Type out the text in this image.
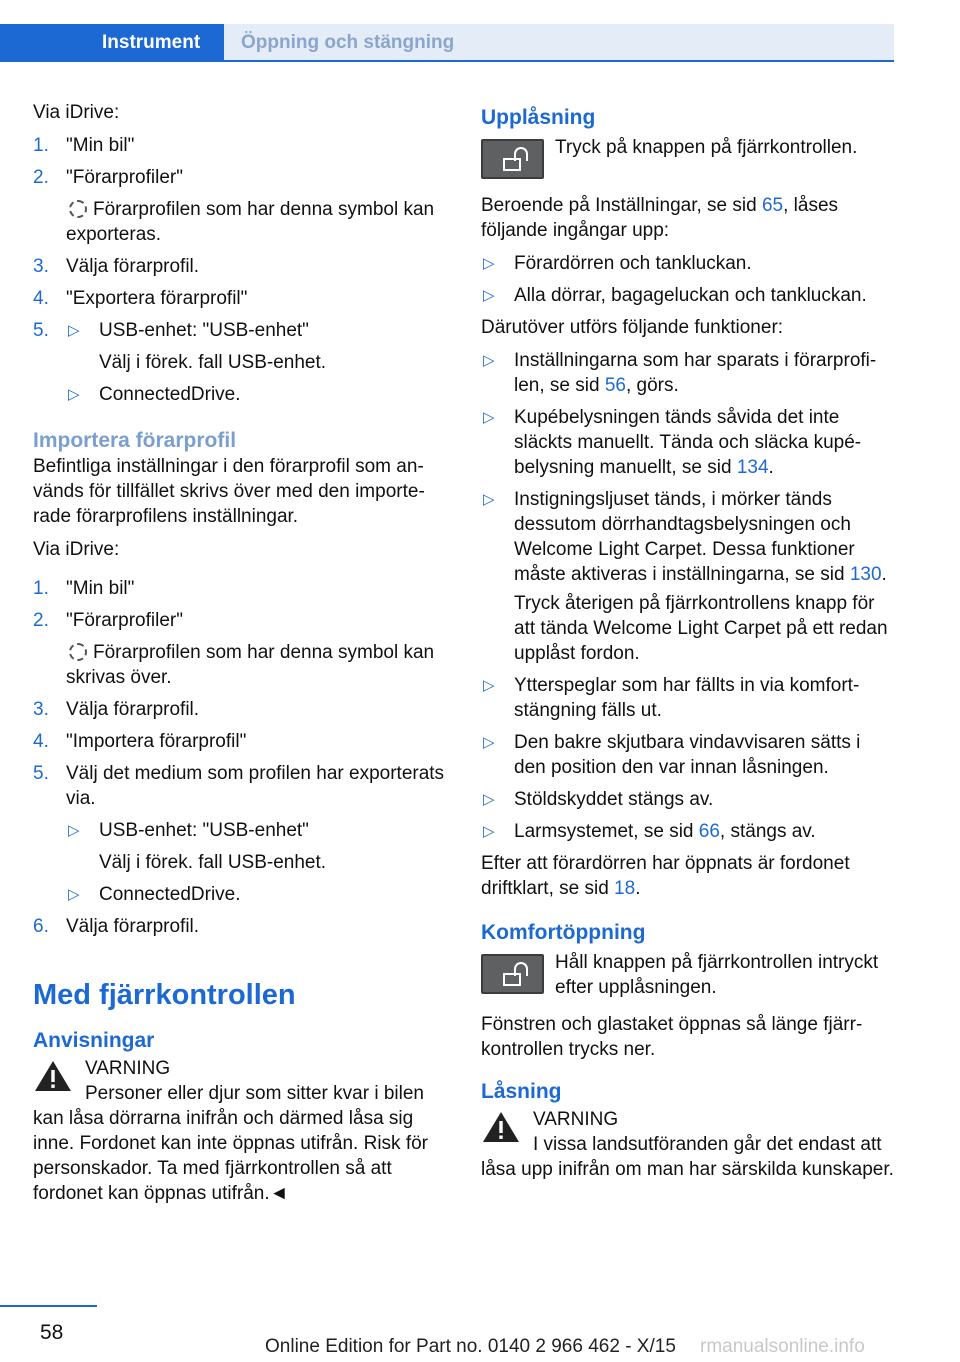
Instrument	Öppning och stängning
Via iDrive:
1. "Min bil"
2. "Förarprofiler"
Förarprofilen som har denna symbol kan exporteras.
3. Välja förarprofil.
4. "Exportera förarprofil"
5. ▷ USB-enhet: "USB-enhet"
Välj i förek. fall USB-enhet.
▷ ConnectedDrive.
Importera förarprofil
Befintliga inställningar i den förarprofil som används för tillfället skrivs över med den importerade förarprofilens inställningar.
Via iDrive:
1. "Min bil"
2. "Förarprofiler"
Förarprofilen som har denna symbol kan skrivas över.
3. Välja förarprofil.
4. "Importera förarprofil"
5. Välj det medium som profilen har exporterats via.
▷ USB-enhet: "USB-enhet"
Välj i förek. fall USB-enhet.
▷ ConnectedDrive.
6. Välja förarprofil.
Med fjärrkontrollen
Anvisningar
VARNING
Personer eller djur som sitter kvar i bilen kan låsa dörrarna inifrån och därmed låsa sig inne. Fordonet kan inte öppnas utifrån. Risk för personskador. Ta med fjärrkontrollen så att fordonet kan öppnas utifrån.◄
Upplåsning
Tryck på knappen på fjärrkontrollen.
Beroende på Inställningar, se sid 65, låses följande ingångar upp:
▷ Förardörren och tankluckan.
▷ Alla dörrar, bagageluckan och tankluckan.
Därutöver utförs följande funktioner:
▷ Inställningarna som har sparats i förarprofilen, se sid 56, görs.
▷ Kupébelysningen tänds såvida det inte släckts manuellt. Tända och släcka kupébelysning manuellt, se sid 134.
▷ Instigningsljuset tänds, i mörker tänds dessutom dörrhandtagsbelysningen och Welcome Light Carpet. Dessa funktioner måste aktiveras i inställningarna, se sid 130.
Tryck återigen på fjärrkontrollens knapp för att tända Welcome Light Carpet på ett redan upplåst fordon.
▷ Ytterspeglar som har fällts in via komfortstängning fälls ut.
▷ Den bakre skjutbara vindavvisaren sätts i den position den var innan låsningen.
▷ Stöldskyddet stängs av.
▷ Larmsystemet, se sid 66, stängs av.
Efter att förardörren har öppnats är fordonet driftklart, se sid 18.
Komfortöppning
Håll knappen på fjärrkontrollen intryckt efter upplåsningen.
Fönstren och glastaket öppnas så länge fjärrkontrollen trycks ner.
Låsning
VARNING
I vissa landsutföranden går det endast att låsa upp inifrån om man har särskilda kunskaper.
58
Online Edition for Part no. 0140 2 966 462 - X/15 rmanualsonline.info
